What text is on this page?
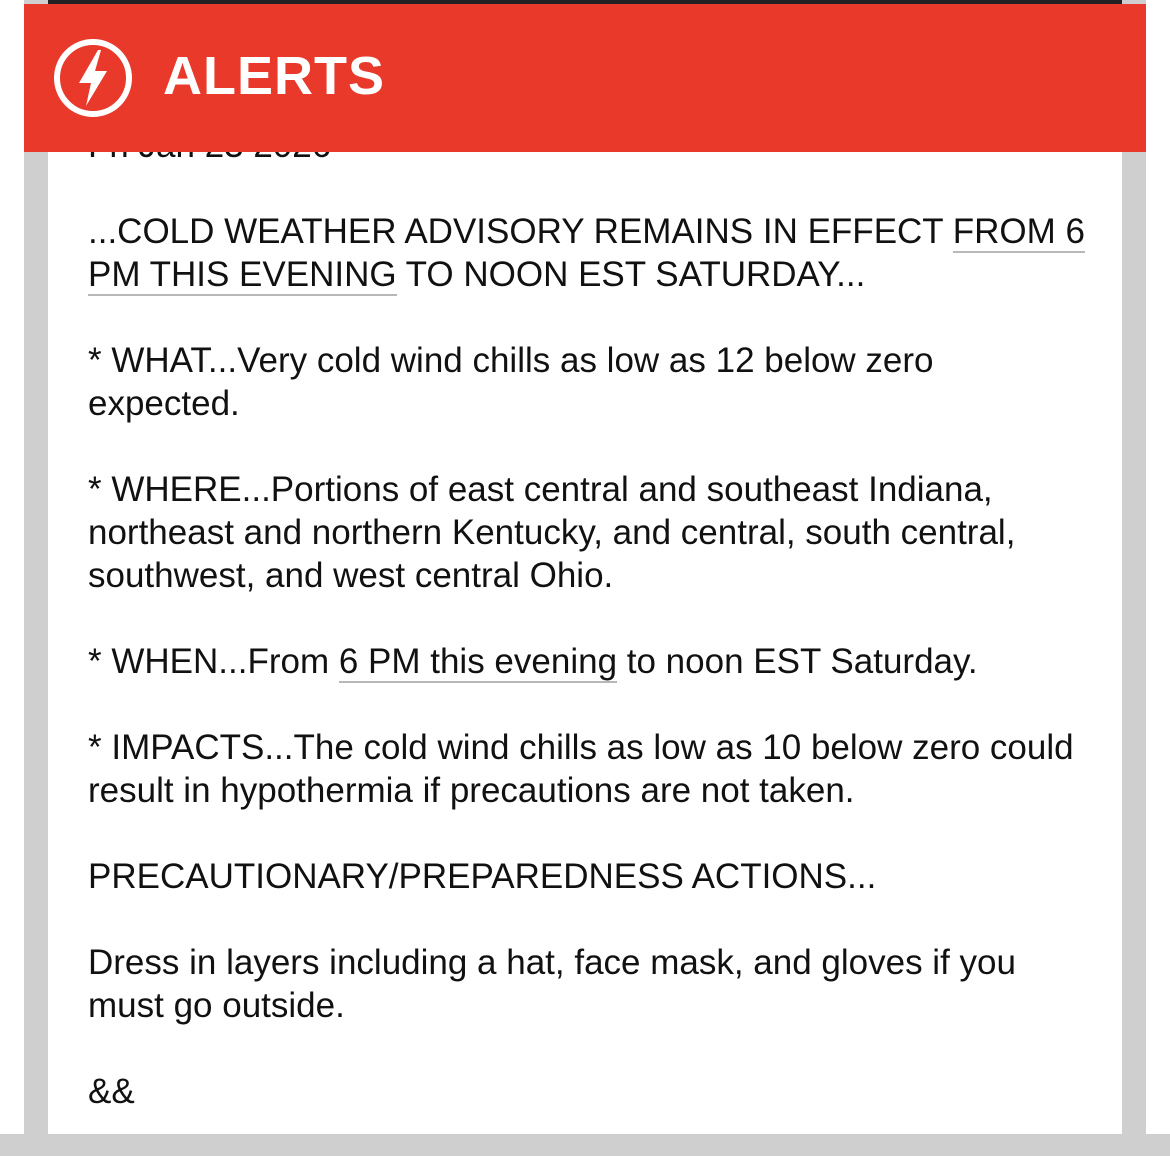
ALERTS

...COLD WEATHER ADVISORY REMAINS IN EFFECT FROM 6 PM THIS EVENING TO NOON EST SATURDAY...

* WHAT...Very cold wind chills as low as 12 below zero expected.

* WHERE...Portions of east central and southeast Indiana, northeast and northern Kentucky, and central, south central, southwest, and west central Ohio.

* WHEN...From 6 PM this evening to noon EST Saturday.

* IMPACTS...The cold wind chills as low as 10 below zero could result in hypothermia if precautions are not taken.

PRECAUTIONARY/PREPAREDNESS ACTIONS...

Dress in layers including a hat, face mask, and gloves if you must go outside.

&&
